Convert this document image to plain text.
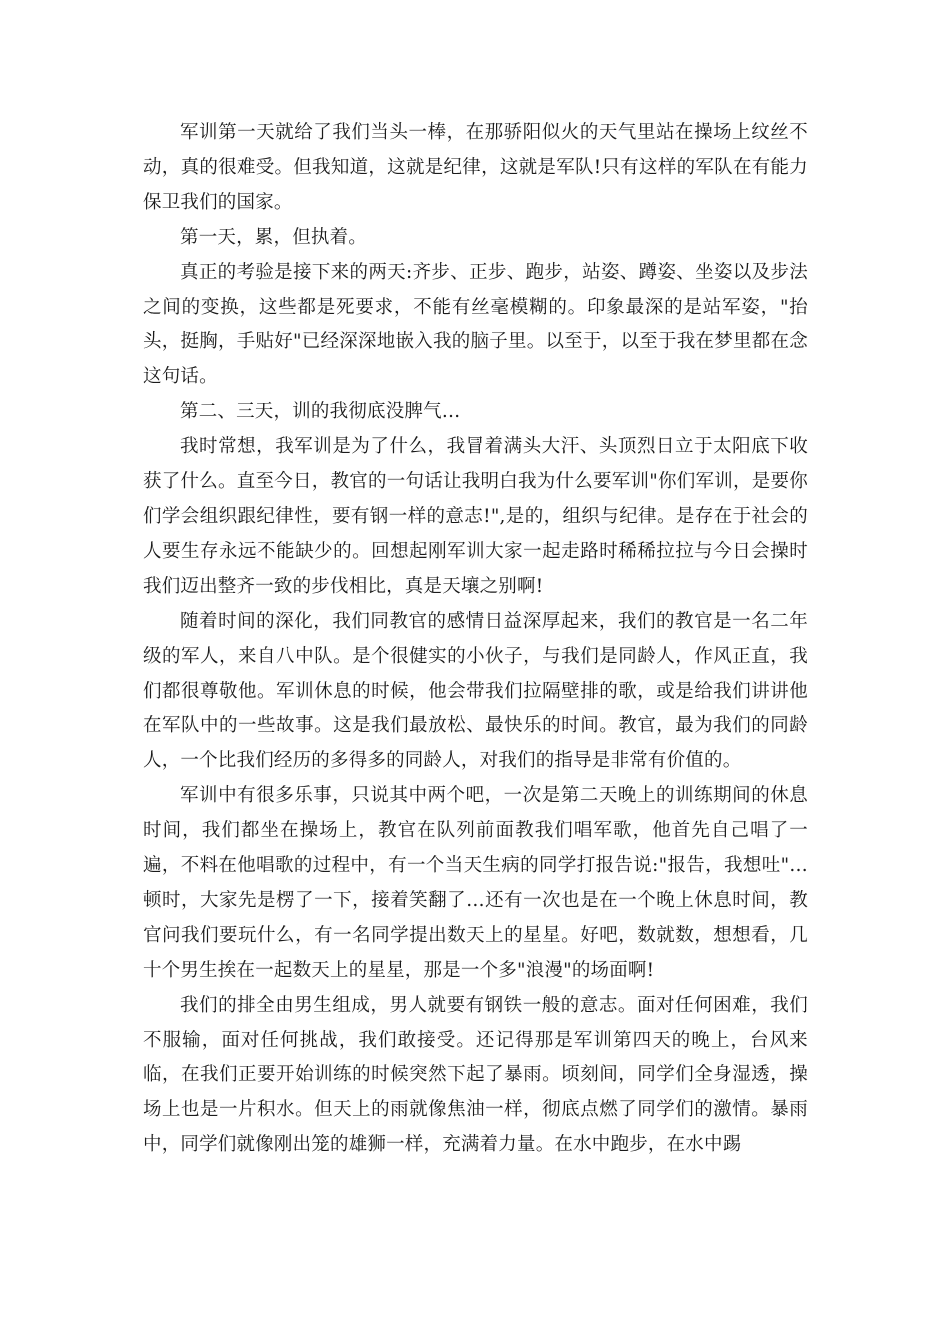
军训第一天就给了我们当头一棒，在那骄阳似火的天气里站在操场上纹丝不动，真的很难受。但我知道，这就是纪律，这就是军队!只有这样的军队在有能力保卫我们的国家。

第一天，累，但执着。

真正的考验是接下来的两天:齐步、正步、跑步，站姿、蹲姿、坐姿以及步法之间的变换，这些都是死要求，不能有丝毫模糊的。印象最深的是站军姿，"抬头，挺胸，手贴好"已经深深地嵌入我的脑子里。以至于，以至于我在梦里都在念这句话。

第二、三天，训的我彻底没脾气…

我时常想，我军训是为了什么，我冒着满头大汗、头顶烈日立于太阳底下收获了什么。直至今日，教官的一句话让我明白我为什么要军训"你们军训，是要你们学会组织跟纪律性，要有钢一样的意志!",是的，组织与纪律。是存在于社会的人要生存永远不能缺少的。回想起刚军训大家一起走路时稀稀拉拉与今日会操时我们迈出整齐一致的步伐相比，真是天壤之别啊!

随着时间的深化，我们同教官的感情日益深厚起来，我们的教官是一名二年级的军人，来自八中队。是个很健实的小伙子，与我们是同龄人，作风正直，我们都很尊敬他。军训休息的时候，他会带我们拉隔壁排的歌，或是给我们讲讲他在军队中的一些故事。这是我们最放松、最快乐的时间。教官，最为我们的同龄人，一个比我们经历的多得多的同龄人，对我们的指导是非常有价值的。

军训中有很多乐事，只说其中两个吧，一次是第二天晚上的训练期间的休息时间，我们都坐在操场上，教官在队列前面教我们唱军歌，他首先自己唱了一遍，不料在他唱歌的过程中，有一个当天生病的同学打报告说:"报告，我想吐"…顿时，大家先是楞了一下，接着笑翻了…还有一次也是在一个晚上休息时间，教官问我们要玩什么，有一名同学提出数天上的星星。好吧，数就数，想想看，几十个男生挨在一起数天上的星星，那是一个多"浪漫"的场面啊!

我们的排全由男生组成，男人就要有钢铁一般的意志。面对任何困难，我们不服输，面对任何挑战，我们敢接受。还记得那是军训第四天的晚上，台风来临，在我们正要开始训练的时候突然下起了暴雨。顷刻间，同学们全身湿透，操场上也是一片积水。但天上的雨就像焦油一样，彻底点燃了同学们的激情。暴雨中，同学们就像刚出笼的雄狮一样，充满着力量。在水中跑步，在水中踢
